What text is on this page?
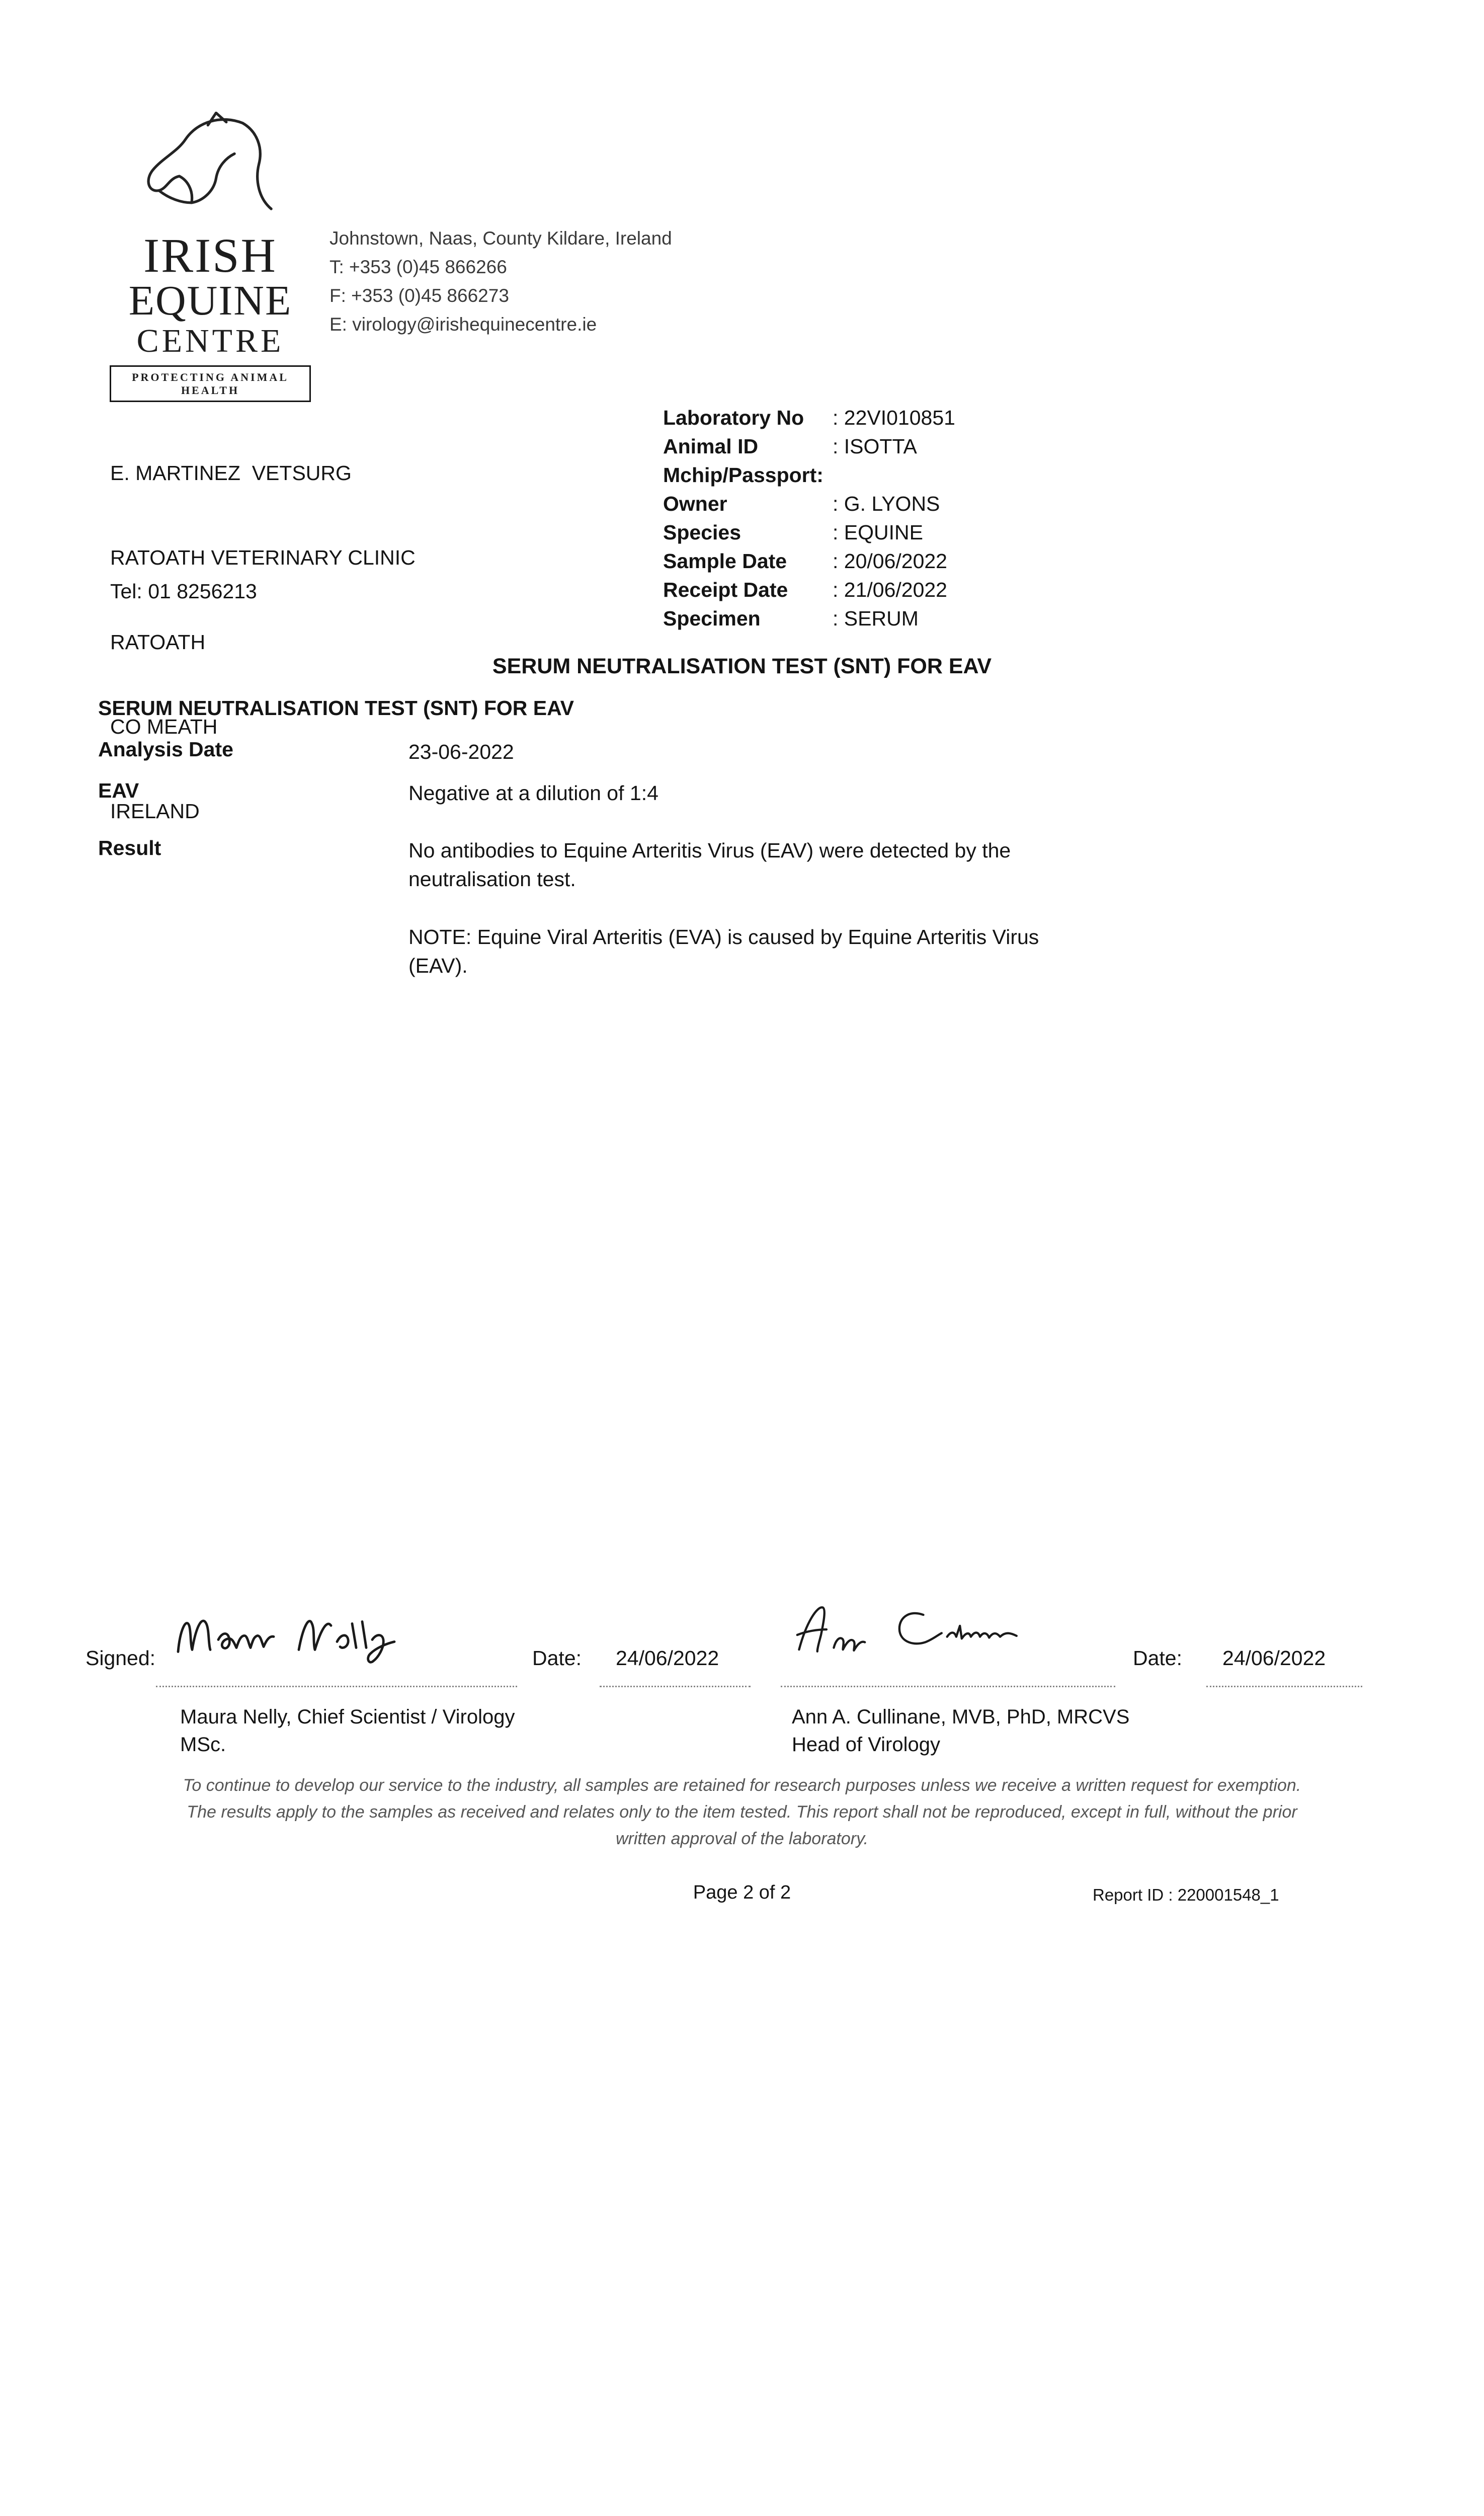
IRISH
EQUINE
CENTRE
PROTECTING ANIMAL HEALTH
Johnstown, Naas, County Kildare, Ireland
T: +353 (0)45 866266
F: +353 (0)45 866273
E: virology@irishequinecentre.ie

E. MARTINEZ  VETSURG

RATOATH VETERINARY CLINIC

RATOATH

CO MEATH

IRELAND

Tel: 01 8256213
Laboratory No	: 22VI010851
Animal ID	: ISOTTA
Mchip/Passport:
Owner	: G. LYONS
Species	: EQUINE
Sample Date	: 20/06/2022
Receipt Date	: 21/06/2022
Specimen	: SERUM
SERUM NEUTRALISATION TEST (SNT) FOR EAV
SERUM NEUTRALISATION TEST (SNT) FOR EAV
Analysis Date	23-06-2022
EAV	Negative at a dilution of 1:4
Result	No antibodies to Equine Arteritis Virus (EAV) were detected by the neutralisation test.
NOTE: Equine Viral Arteritis (EVA) is caused by Equine Arteritis Virus (EAV).
Signed:	Date: 24/06/2022	Date: 24/06/2022
Maura Nelly, Chief Scientist / Virology
MSc.
Ann A. Cullinane, MVB, PhD, MRCVS
Head of Virology
To continue to develop our service to the industry, all samples are retained for research purposes unless we receive a written request for exemption.
The results apply to the samples as received and relates only to the item tested. This report shall not be reproduced, except in full, without the prior
written approval of the laboratory.
Page 2 of 2	Report ID : 220001548_1
